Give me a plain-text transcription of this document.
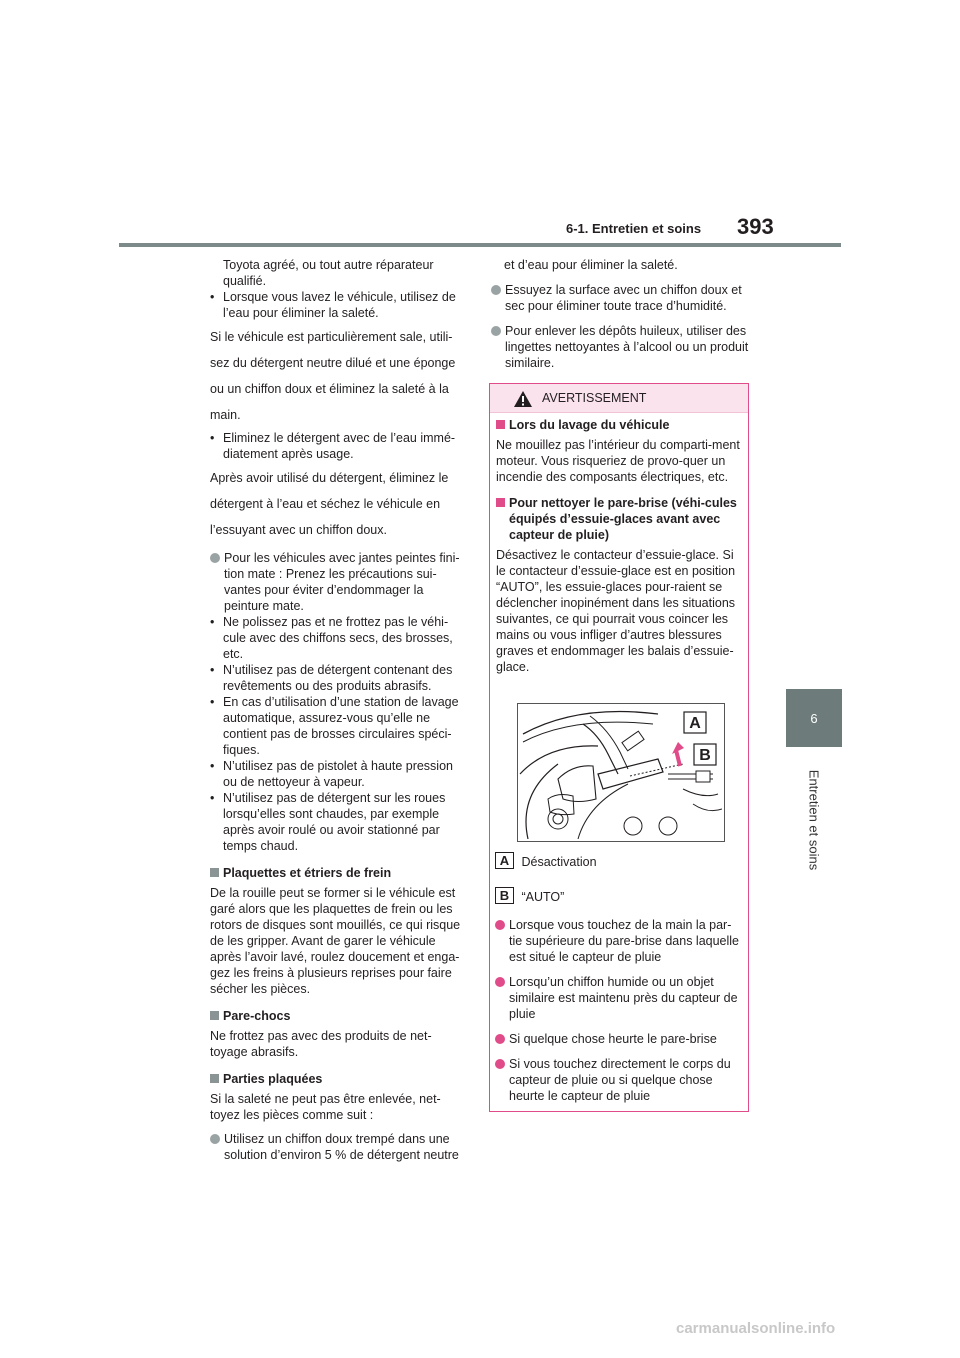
6-1. Entretien et soins 393
6
Entretien et soins

Toyota agréé, ou tout autre réparateur qualifié.

• Lorsque vous lavez le véhicule, utilisez de l’eau pour éliminer la saleté.

Si le véhicule est particulièrement sale, utili-

sez du détergent neutre dilué et une éponge

ou un chiffon doux et éliminez la saleté à la

main.

• Eliminez le détergent avec de l’eau immé-diatement après usage.

Après avoir utilisé du détergent, éliminez le

détergent à l’eau et séchez le véhicule en

l’essuyant avec un chiffon doux.

Pour les véhicules avec jantes peintes fini-tion mate : Prenez les précautions sui-vantes pour éviter d’endommager la peinture mate.

• Ne polissez pas et ne frottez pas le véhi-cule avec des chiffons secs, des brosses, etc.

• N’utilisez pas de détergent contenant des revêtements ou des produits abrasifs.

• En cas d’utilisation d’une station de lavage automatique, assurez-vous qu’elle ne contient pas de brosses circulaires spéci-fiques.

• N’utilisez pas de pistolet à haute pression ou de nettoyeur à vapeur.

• N’utilisez pas de détergent sur les roues lorsqu’elles sont chaudes, par exemple après avoir roulé ou avoir stationné par temps chaud.

Plaquettes et étriers de frein

De la rouille peut se former si le véhicule est garé alors que les plaquettes de frein ou les rotors de disques sont mouillés, ce qui risque de les gripper. Avant de garer le véhicule après l’avoir lavé, roulez doucement et enga-gez les freins à plusieurs reprises pour faire sécher les pièces.

Pare-chocs

Ne frottez pas avec des produits de net-toyage abrasifs.

Parties plaquées

Si la saleté ne peut pas être enlevée, net-toyez les pièces comme suit :

Utilisez un chiffon doux trempé dans une solution d’environ 5 % de détergent neutre

et d’eau pour éliminer la saleté.

Essuyez la surface avec un chiffon doux et sec pour éliminer toute trace d’humidité.
Pour enlever les dépôts huileux, utiliser des lingettes nettoyantes à l’alcool ou un produit similaire.
AVERTISSEMENT
Lors du lavage du véhicule

Ne mouillez pas l’intérieur du comparti-ment moteur. Vous risqueriez de provo-quer un incendie des composants électriques, etc.

Pour nettoyer le pare-brise (véhi-cules équipés d’essuie-glaces avant avec capteur de pluie)

Désactivez le contacteur d’essuie-glace. Si le contacteur d’essuie-glace est en position “AUTO”, les essuie-glaces pour-raient se déclencher inopinément dans les situations suivantes, ce qui pourrait vous coincer les mains ou vous infliger d’autres blessures graves et endommager les balais d’essuie-glace.

A
B
A Désactivation
B “AUTO”
Lorsque vous touchez de la main la par-tie supérieure du pare-brise dans laquelle est situé le capteur de pluie
Lorsqu’un chiffon humide ou un objet similaire est maintenu près du capteur de pluie
Si quelque chose heurte le pare-brise
Si vous touchez directement le corps du capteur de pluie ou si quelque chose heurte le capteur de pluie
carmanualsonline.info
